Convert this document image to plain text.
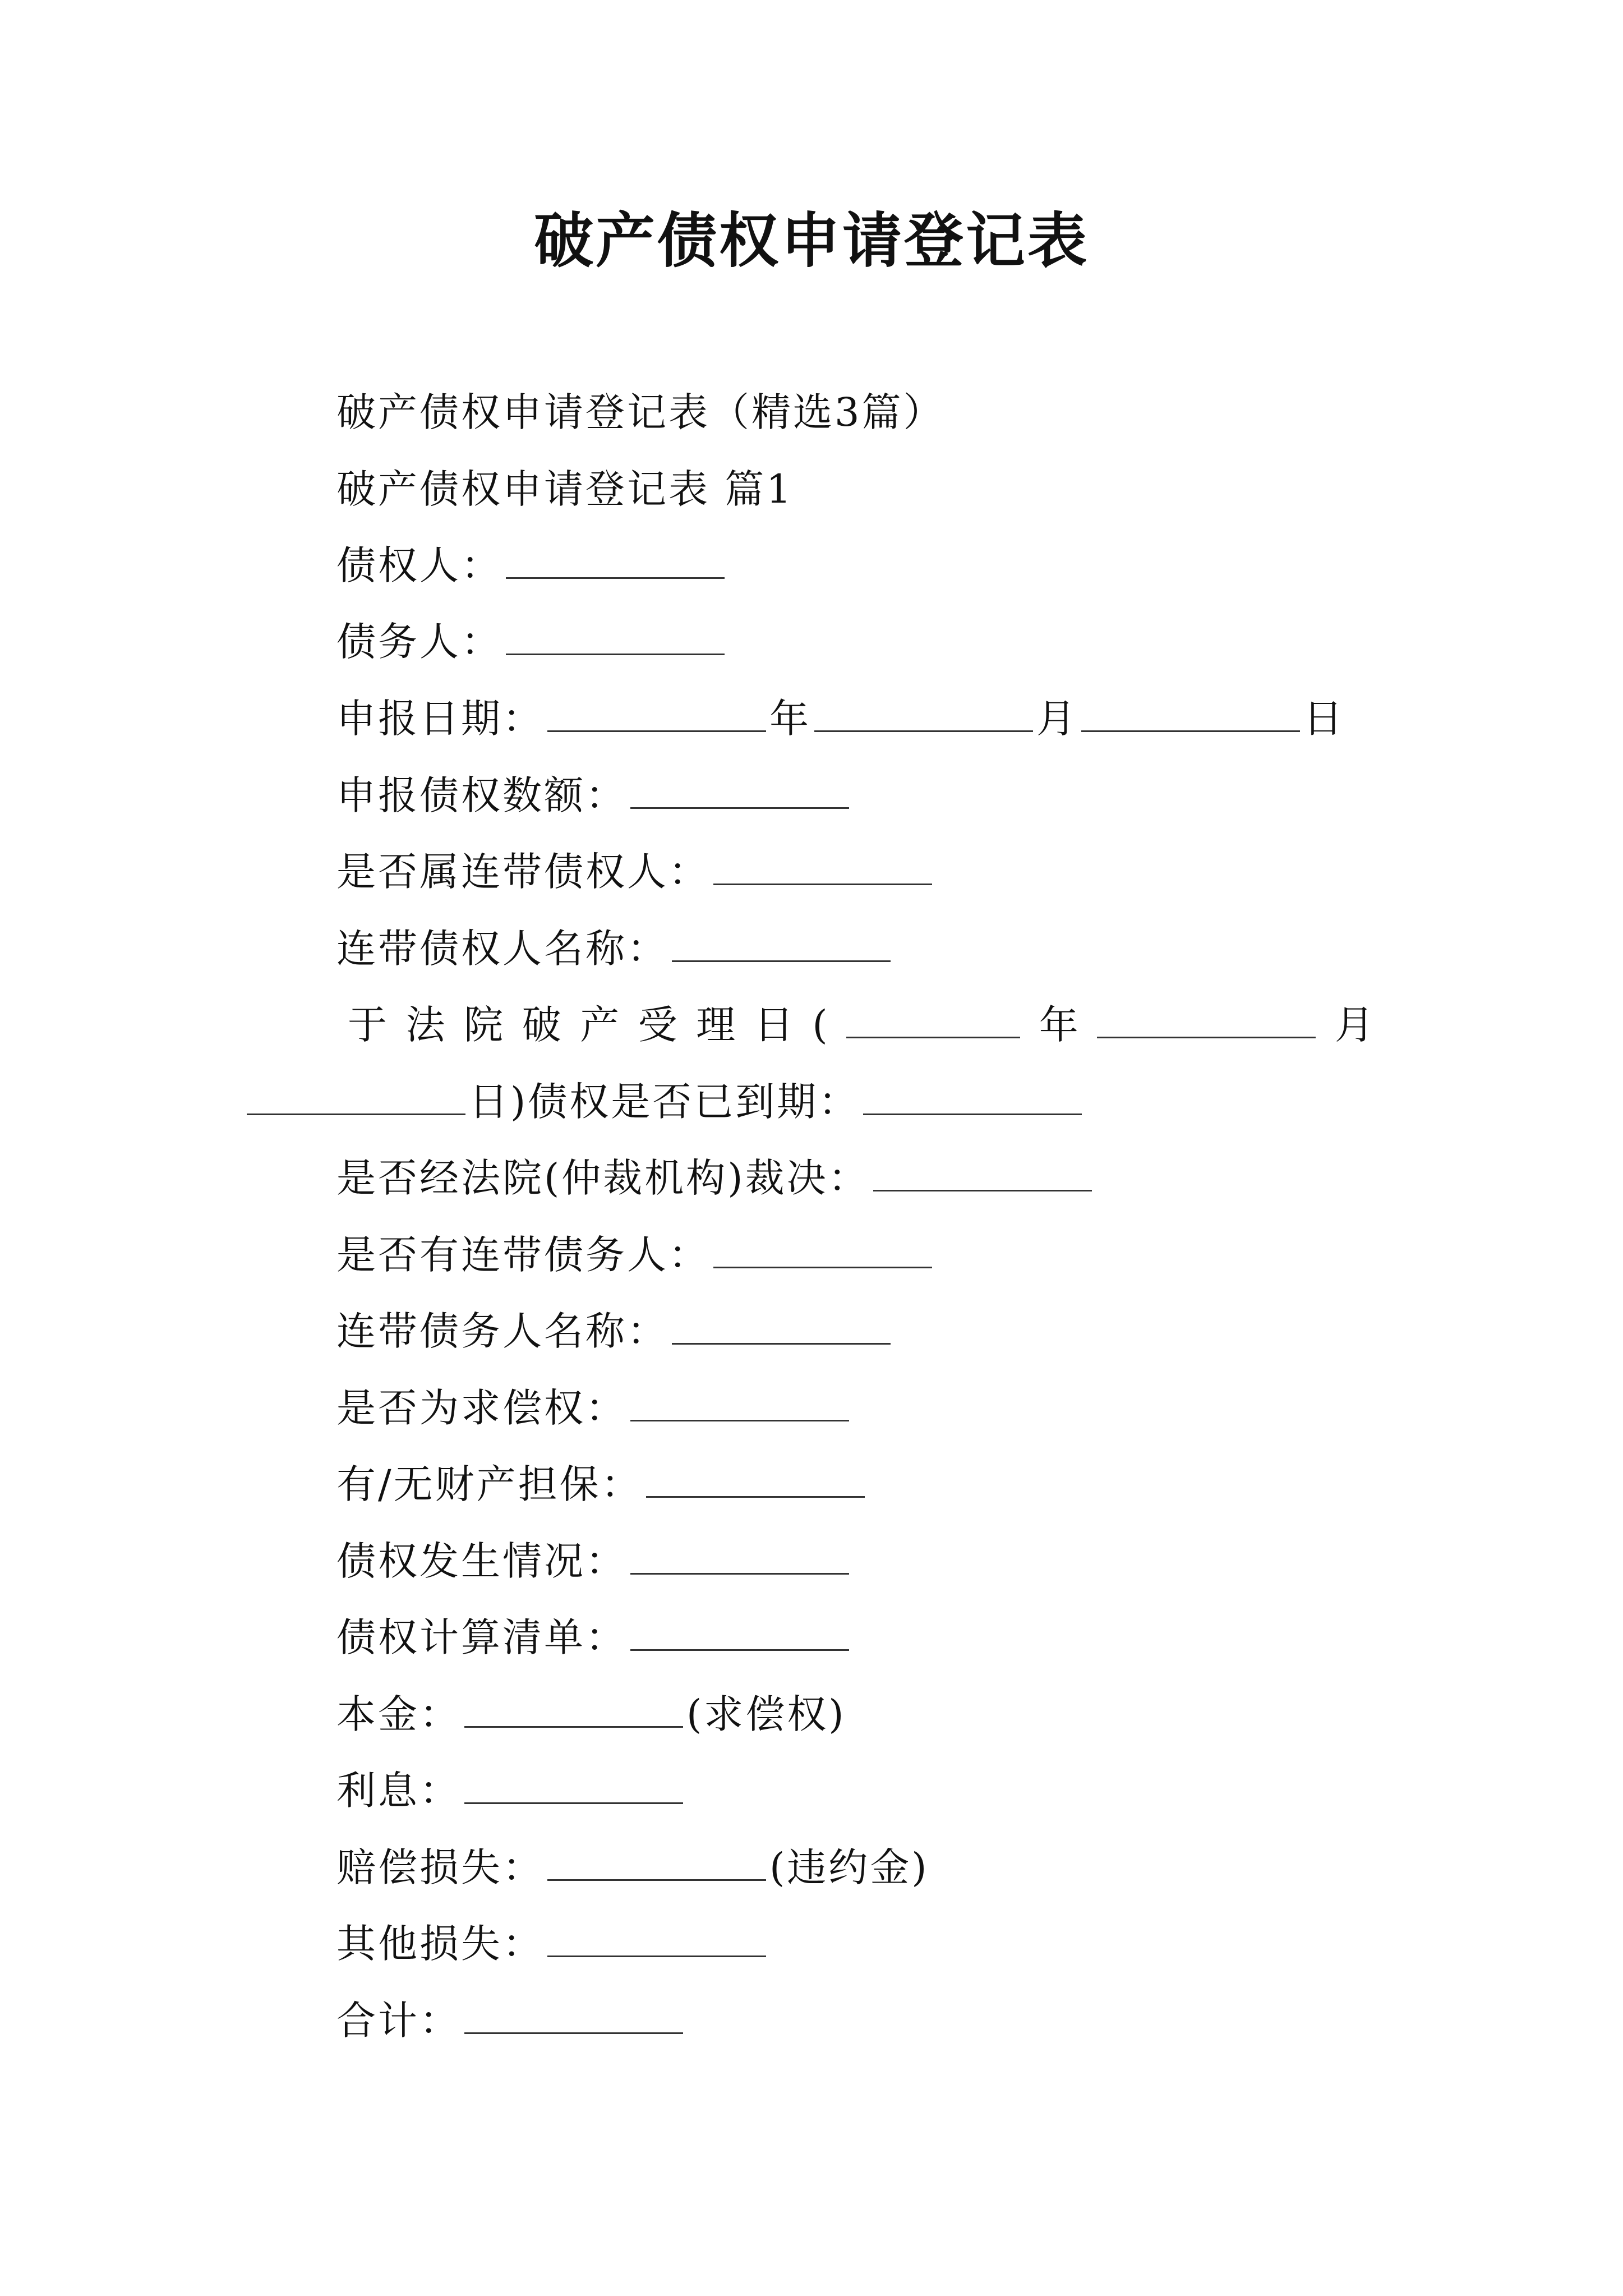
破产债权申请登记表
破产债权申请登记表（精选3篇）
破产债权申请登记表 篇1
债权人：
债务人：
申报日期：	年	月	日
申报债权数额：
是否属连带债权人：
连带债权人名称：
于 法 院 破 产 受 理 日 (	年	月
日)债权是否已到期：
是否经法院(仲裁机构)裁决：
是否有连带债务人：
连带债务人名称：
是否为求偿权：
有/无财产担保：
债权发生情况：
债权计算清单：
本金：	(求偿权)
利息：
赔偿损失：	(违约金)
其他损失：
合计：
